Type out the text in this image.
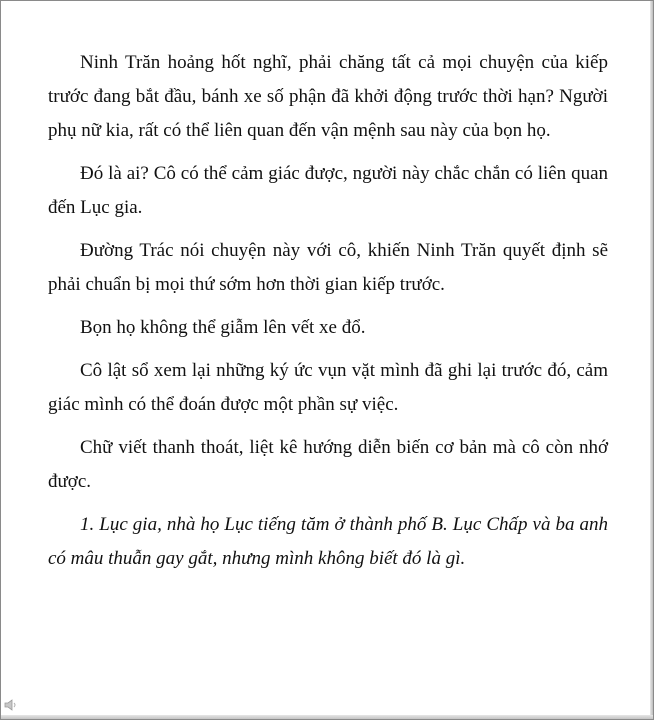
Ninh Trăn hoảng hốt nghĩ, phải chăng tất cả mọi chuyện của kiếp trước đang bắt đầu, bánh xe số phận đã khởi động trước thời hạn? Người phụ nữ kia, rất có thể liên quan đến vận mệnh sau này của bọn họ.

Đó là ai? Cô có thể cảm giác được, người này chắc chắn có liên quan đến Lục gia.

Đường Trác nói chuyện này với cô, khiến Ninh Trăn quyết định sẽ phải chuẩn bị mọi thứ sớm hơn thời gian kiếp trước.

Bọn họ không thể giẫm lên vết xe đổ.

Cô lật sổ xem lại những ký ức vụn vặt mình đã ghi lại trước đó, cảm giác mình có thể đoán được một phần sự việc.

Chữ viết thanh thoát, liệt kê hướng diễn biến cơ bản mà cô còn nhớ được.

1. Lục gia, nhà họ Lục tiếng tăm ở thành phố B. Lục Chấp và ba anh có mâu thuẫn gay gắt, nhưng mình không biết đó là gì.
